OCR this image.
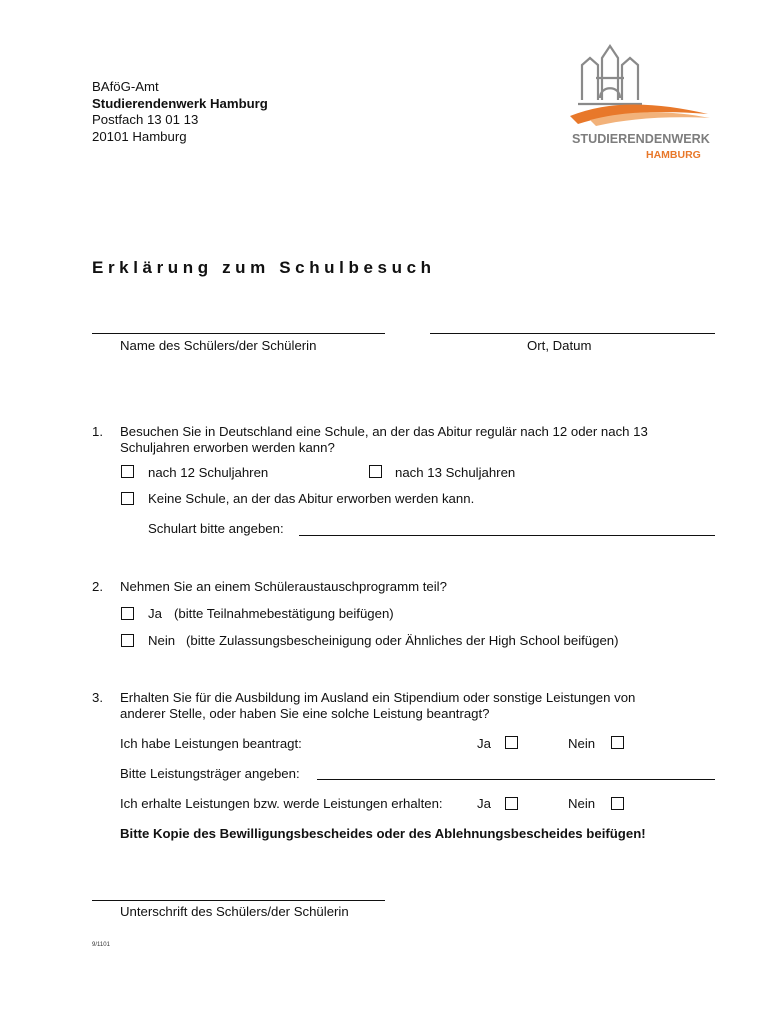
BAföG-Amt
Studierendenwerk Hamburg
Postfach 13 01 13
20101 Hamburg	STUDIERENDENWERK
HAMBURG
Erklärung zum Schulbesuch
Name des Schülers/der Schülerin	Ort, Datum
1. Besuchen Sie in Deutschland eine Schule, an der das Abitur regulär nach 12 oder nach 13
Schuljahren erworben werden kann?
nach 12 Schuljahren	nach 13 Schuljahren
Keine Schule, an der das Abitur erworben werden kann.
Schulart bitte angeben:
2. Nehmen Sie an einem Schüleraustauschprogramm teil?
Ja (bitte Teilnahmebestätigung beifügen)
Nein (bitte Zulassungsbescheinigung oder Ähnliches der High School beifügen)
3. Erhalten Sie für die Ausbildung im Ausland ein Stipendium oder sonstige Leistungen von
anderer Stelle, oder haben Sie eine solche Leistung beantragt?
Ich habe Leistungen beantragt:	Ja	Nein
Bitte Leistungsträger angeben:
Ich erhalte Leistungen bzw. werde Leistungen erhalten:	Ja	Nein
Bitte Kopie des Bewilligungsbescheides oder des Ablehnungsbescheides beifügen!
Unterschrift des Schülers/der Schülerin
9/1101
